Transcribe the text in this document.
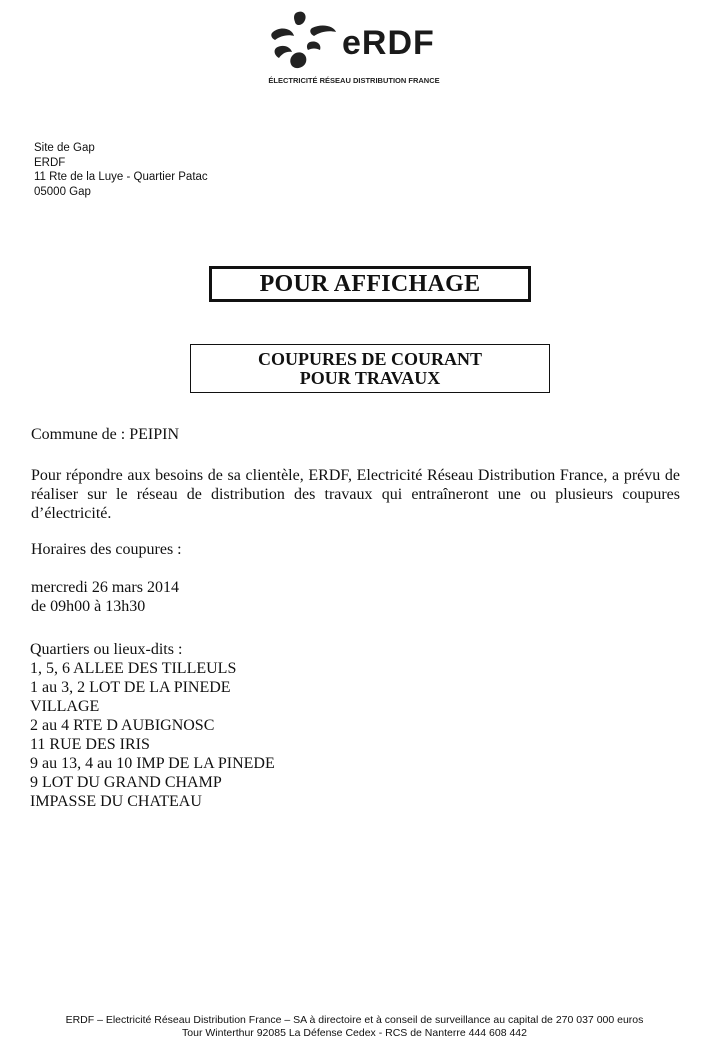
eRDF
ÉLECTRICITÉ RÉSEAU DISTRIBUTION FRANCE
Site de Gap
ERDF
11 Rte de la Luye - Quartier Patac
05000 Gap
POUR AFFICHAGE
COUPURES DE COURANT
POUR TRAVAUX
Commune de : PEIPIN
Pour répondre aux besoins de sa clientèle, ERDF, Electricité Réseau Distribution France, a prévu de réaliser sur le réseau de distribution des travaux qui entraîneront une ou plusieurs coupures d’électricité.
Horaires des coupures :
mercredi 26 mars 2014
de 09h00 à 13h30
Quartiers ou lieux-dits :
1, 5, 6 ALLEE DES TILLEULS
1 au 3, 2 LOT DE LA PINEDE
VILLAGE
2 au 4 RTE D AUBIGNOSC
11 RUE DES IRIS
9 au 13, 4 au 10 IMP DE LA PINEDE
9 LOT DU GRAND CHAMP
IMPASSE DU CHATEAU
ERDF – Electricité Réseau Distribution France – SA à directoire et à conseil de surveillance au capital de 270 037 000 euros
Tour Winterthur 92085 La Défense Cedex - RCS de Nanterre 444 608 442
